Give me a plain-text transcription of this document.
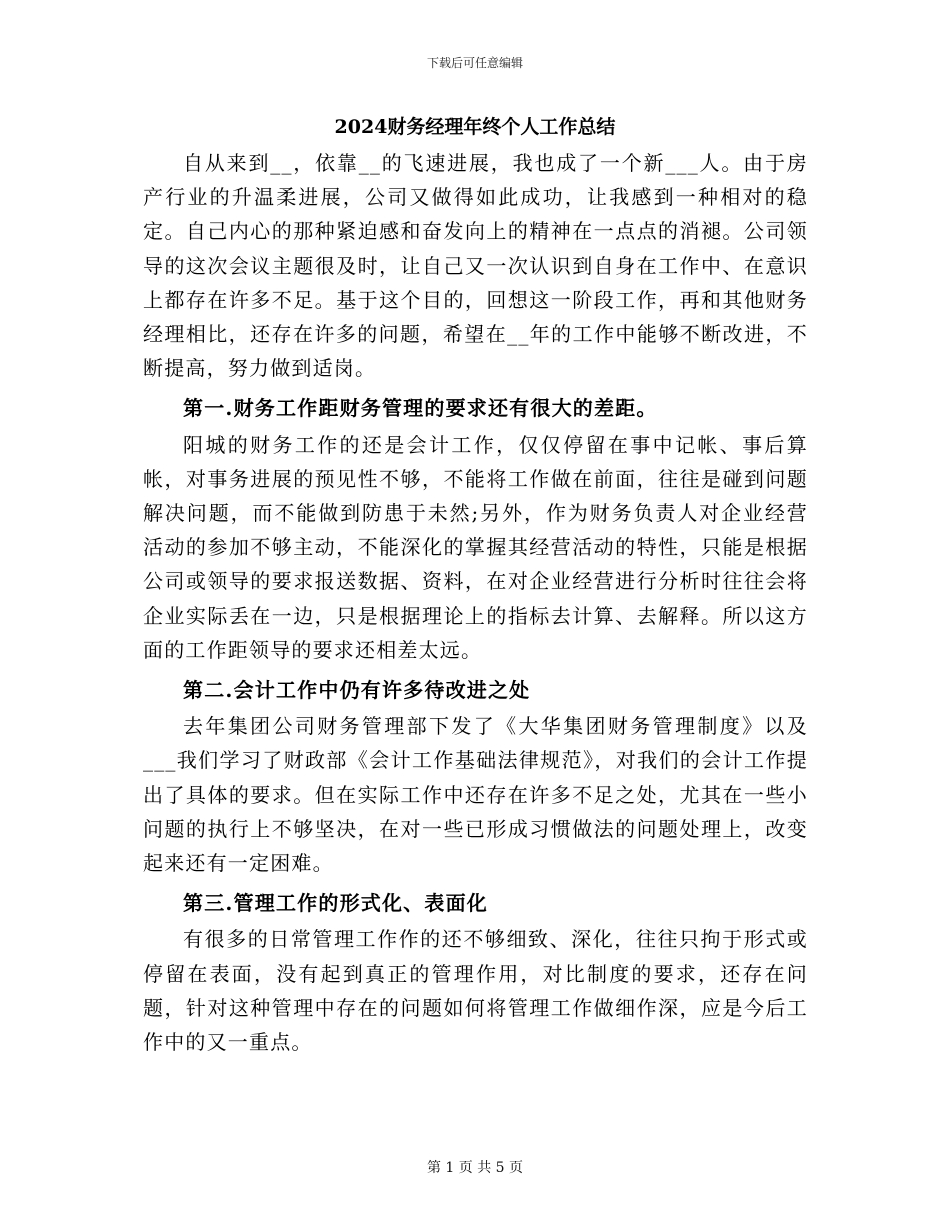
下载后可任意编辑
2024财务经理年终个人工作总结

自从来到__，依靠__的飞速进展，我也成了一个新___人。由于房产行业的升温柔进展，公司又做得如此成功，让我感到一种相对的稳定。自己内心的那种紧迫感和奋发向上的精神在一点点的消褪。公司领导的这次会议主题很及时，让自己又一次认识到自身在工作中、在意识上都存在许多不足。基于这个目的，回想这一阶段工作，再和其他财务经理相比，还存在许多的问题，希望在__年的工作中能够不断改进，不断提高，努力做到适岗。

第一.财务工作距财务管理的要求还有很大的差距。

阳城的财务工作的还是会计工作，仅仅停留在事中记帐、事后算帐，对事务进展的预见性不够，不能将工作做在前面，往往是碰到问题解决问题，而不能做到防患于未然;另外，作为财务负责人对企业经营活动的参加不够主动，不能深化的掌握其经营活动的特性，只能是根据公司或领导的要求报送数据、资料，在对企业经营进行分析时往往会将企业实际丢在一边，只是根据理论上的指标去计算、去解释。所以这方面的工作距领导的要求还相差太远。

第二.会计工作中仍有许多待改进之处

去年集团公司财务管理部下发了《大华集团财务管理制度》以及___我们学习了财政部《会计工作基础法律规范》，对我们的会计工作提出了具体的要求。但在实际工作中还存在许多不足之处，尤其在一些小问题的执行上不够坚决，在对一些已形成习惯做法的问题处理上，改变起来还有一定困难。

第三.管理工作的形式化、表面化

有很多的日常管理工作作的还不够细致、深化，往往只拘于形式或停留在表面，没有起到真正的管理作用，对比制度的要求，还存在问题，针对这种管理中存在的问题如何将管理工作做细作深，应是今后工作中的又一重点。

第 1 页 共 5 页
